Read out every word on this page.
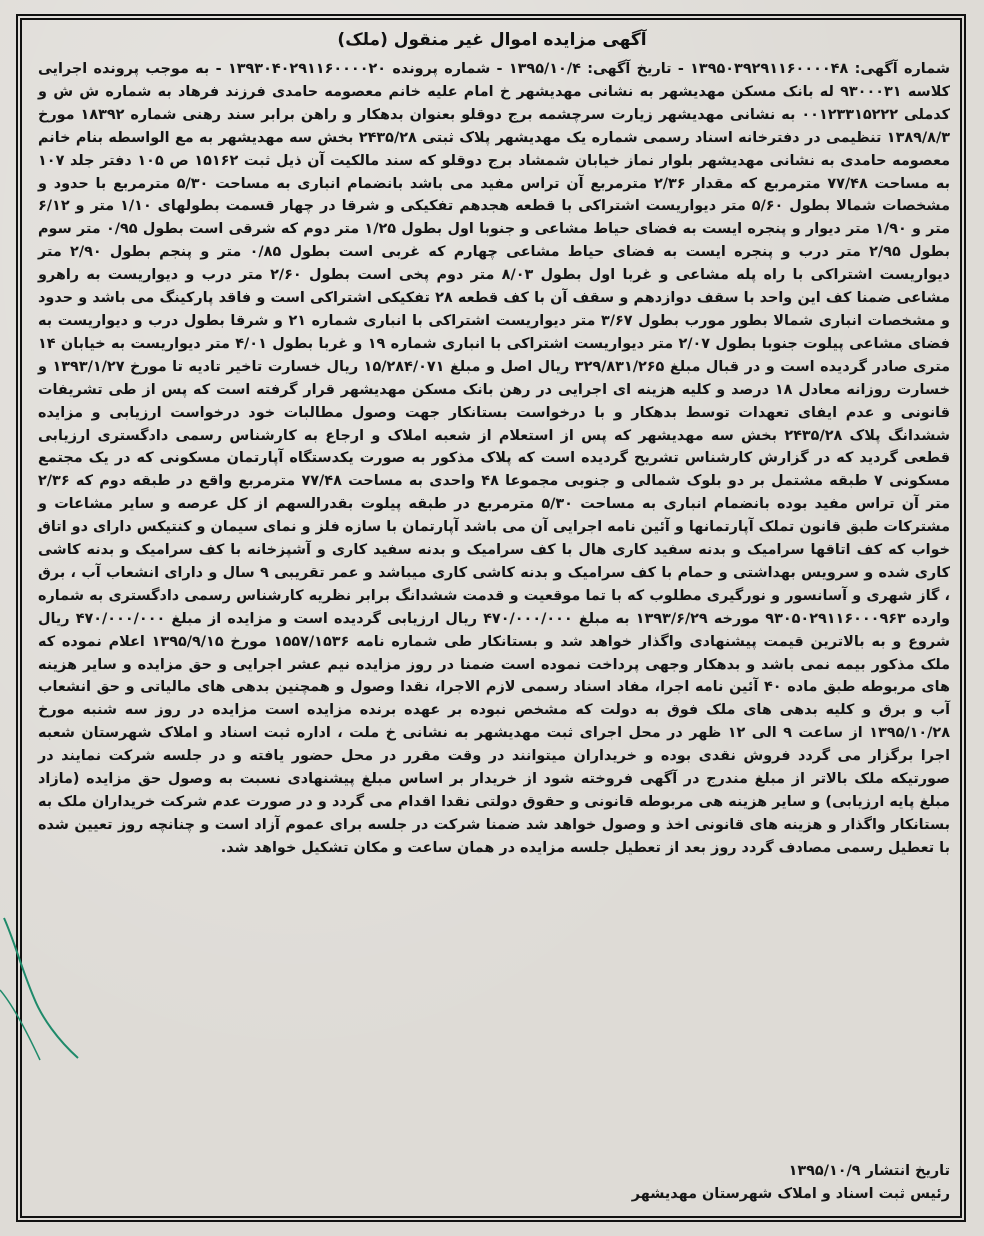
آگهی مزایده اموال غیر منقول (ملک)
شماره آگهی: ۱۳۹۵۰۳۹۲۹۱۱۶۰۰۰۰۴۸ - تاریخ آگهی: ۱۳۹۵/۱۰/۴ - شماره پرونده ۱۳۹۳۰۴۰۲۹۱۱۶۰۰۰۰۲۰ - به موجب پرونده اجرایی کلاسه ۹۳۰۰۰۳۱ له بانک مسکن مهدیشهر به نشانی مهدیشهر خ امام علیه خانم معصومه حامدی فرزند فرهاد به شماره ش ش و کدملی ۰۰۱۲۳۳۱۵۲۲۲ به نشانی مهدیشهر زیارت سرچشمه برج دوقلو بعنوان بدهکار و راهن برابر سند رهنی شماره ۱۸۳۹۲ مورخ ۱۳۸۹/۸/۳ تنظیمی در دفترخانه اسناد رسمی شماره یک مهدیشهر پلاک ثبتی ۲۴۳۵/۲۸ بخش سه مهدیشهر به مع الواسطه بنام خانم معصومه حامدی به نشانی مهدیشهر بلوار نماز خیابان شمشاد برج دوقلو که سند مالکیت آن ذیل ثبت ۱۵۱۶۲ ص ۱۰۵ دفتر جلد ۱۰۷ به مساحت ۷۷/۴۸ مترمربع که مقدار ۲/۳۶ مترمربع آن تراس مفید می باشد بانضمام انباری به مساحت ۵/۳۰ مترمربع با حدود و مشخصات شمالا بطول ۵/۶۰ متر دیواریست اشتراکی با قطعه هجدهم تفکیکی و شرقا در چهار قسمت بطولهای ۱/۱۰ متر و ۶/۱۲ متر و ۱/۹۰ متر دیوار و پنجره ایست به فضای حیاط مشاعی و جنوبا اول بطول ۱/۲۵ متر دوم که شرقی است بطول ۰/۹۵ متر سوم بطول ۲/۹۵ متر درب و پنجره ایست به فضای حیاط مشاعی چهارم که غربی است بطول ۰/۸۵ متر و پنجم بطول ۲/۹۰ متر دیواریست اشتراکی با راه پله مشاعی و غربا اول بطول ۸/۰۳ متر دوم پخی است بطول ۲/۶۰ متر درب و دیواریست به راهرو مشاعی ضمنا کف این واحد با سقف دوازدهم و سقف آن با کف قطعه ۲۸ تفکیکی اشتراکی است و فاقد پارکینگ می باشد و حدود و مشخصات انباری شمالا بطور مورب بطول ۳/۶۷ متر دیواریست اشتراکی با انباری شماره ۲۱ و شرقا بطول درب و دیواریست به فضای مشاعی پیلوت جنوبا بطول ۲/۰۷ متر دیواریست اشتراکی با انباری شماره ۱۹ و غربا بطول ۴/۰۱ متر دیواریست به خیابان ۱۴ متری صادر گردیده است و در قبال مبلغ ۳۲۹/۸۳۱/۲۶۵ ریال اصل و مبلغ ۱۵/۲۸۴/۰۷۱ ریال خسارت تاخیر تادیه تا مورخ ۱۳۹۳/۱/۲۷ و خسارت روزانه معادل ۱۸ درصد و کلیه هزینه ای اجرایی در رهن بانک مسکن مهدیشهر قرار گرفته است که پس از طی تشریفات قانونی و عدم ایفای تعهدات توسط بدهکار و با درخواست بستانکار جهت وصول مطالبات خود درخواست ارزیابی و مزایده ششدانگ پلاک ۲۴۳۵/۲۸ بخش سه مهدیشهر که پس از استعلام از شعبه املاک و ارجاع به کارشناس رسمی دادگستری ارزیابی قطعی گردید که در گزارش کارشناس تشریح گردیده است که پلاک مذکور به صورت یکدستگاه آپارتمان مسکونی که در یک مجتمع مسکونی ۷ طبقه مشتمل بر دو بلوک شمالی و جنوبی مجموعا ۴۸ واحدی به مساحت ۷۷/۴۸ مترمربع واقع در طبقه دوم که ۲/۳۶ متر آن تراس مفید بوده بانضمام انباری به مساحت ۵/۳۰ مترمربع در طبقه پیلوت بقدرالسهم از کل عرصه و سایر مشاعات و مشترکات طبق قانون تملک آپارتمانها و آئین نامه اجرایی آن می باشد آپارتمان با سازه فلز و نمای سیمان و کنتیکس دارای دو اتاق خواب که کف اتاقها سرامیک و بدنه سفید کاری هال با کف سرامیک و بدنه سفید کاری و آشپزخانه با کف سرامیک و بدنه کاشی کاری شده و سرویس بهداشتی و حمام با کف سرامیک و بدنه کاشی کاری میباشد و عمر تقریبی ۹ سال و دارای انشعاب آب ، برق ، گاز شهری و آسانسور و نورگیری مطلوب که با تما موقعیت و قدمت ششدانگ برابر نظریه کارشناس رسمی دادگستری به شماره وارده ۹۳۰۵۰۲۹۱۱۶۰۰۰۹۶۳ مورخه ۱۳۹۳/۶/۲۹ به مبلغ ۴۷۰/۰۰۰/۰۰۰ ریال ارزیابی گردیده است و مزایده از مبلغ ۴۷۰/۰۰۰/۰۰۰ ریال شروع و به بالاترین قیمت پیشنهادی واگذار خواهد شد و بستانکار طی شماره نامه ۱۵۵۷/۱۵۳۶ مورخ ۱۳۹۵/۹/۱۵ اعلام نموده که ملک مذکور بیمه نمی باشد و بدهکار وجهی پرداخت نموده است ضمنا در روز مزایده نیم عشر اجرایی و حق مزایده و سایر هزینه های مربوطه طبق ماده ۴۰ آئین نامه اجرا، مفاد اسناد رسمی لازم الاجرا، نقدا وصول و همچنین بدهی های مالیاتی و حق انشعاب آب و برق و کلیه بدهی های ملک فوق به دولت که مشخص نبوده بر عهده برنده مزایده است مزایده در روز سه شنبه مورخ ۱۳۹۵/۱۰/۲۸ از ساعت ۹ الی ۱۲ ظهر در محل اجرای ثبت مهدیشهر به نشانی خ ملت ، اداره ثبت اسناد و املاک شهرستان شعبه اجرا برگزار می گردد فروش نقدی بوده و خریداران میتوانند در وقت مقرر در محل حضور یافته و در جلسه شرکت نمایند در صورتیکه ملک بالاتر از مبلغ مندرج در آگهی فروخته شود از خریدار بر اساس مبلغ پیشنهادی نسبت به وصول حق مزایده (مازاد مبلغ پایه ارزیابی) و سایر هزینه هی مربوطه قانونی و حقوق دولتی نقدا اقدام می گردد و در صورت عدم شرکت خریداران ملک به بستانکار واگذار و هزینه های قانونی اخذ و وصول خواهد شد ضمنا شرکت در جلسه برای عموم آزاد است و چنانچه روز تعیین شده با تعطیل رسمی مصادف گردد روز بعد از تعطیل جلسه مزایده در همان ساعت و مکان تشکیل خواهد شد.
تاریخ انتشار ۱۳۹۵/۱۰/۹
رئیس ثبت اسناد و املاک شهرستان مهدیشهر
